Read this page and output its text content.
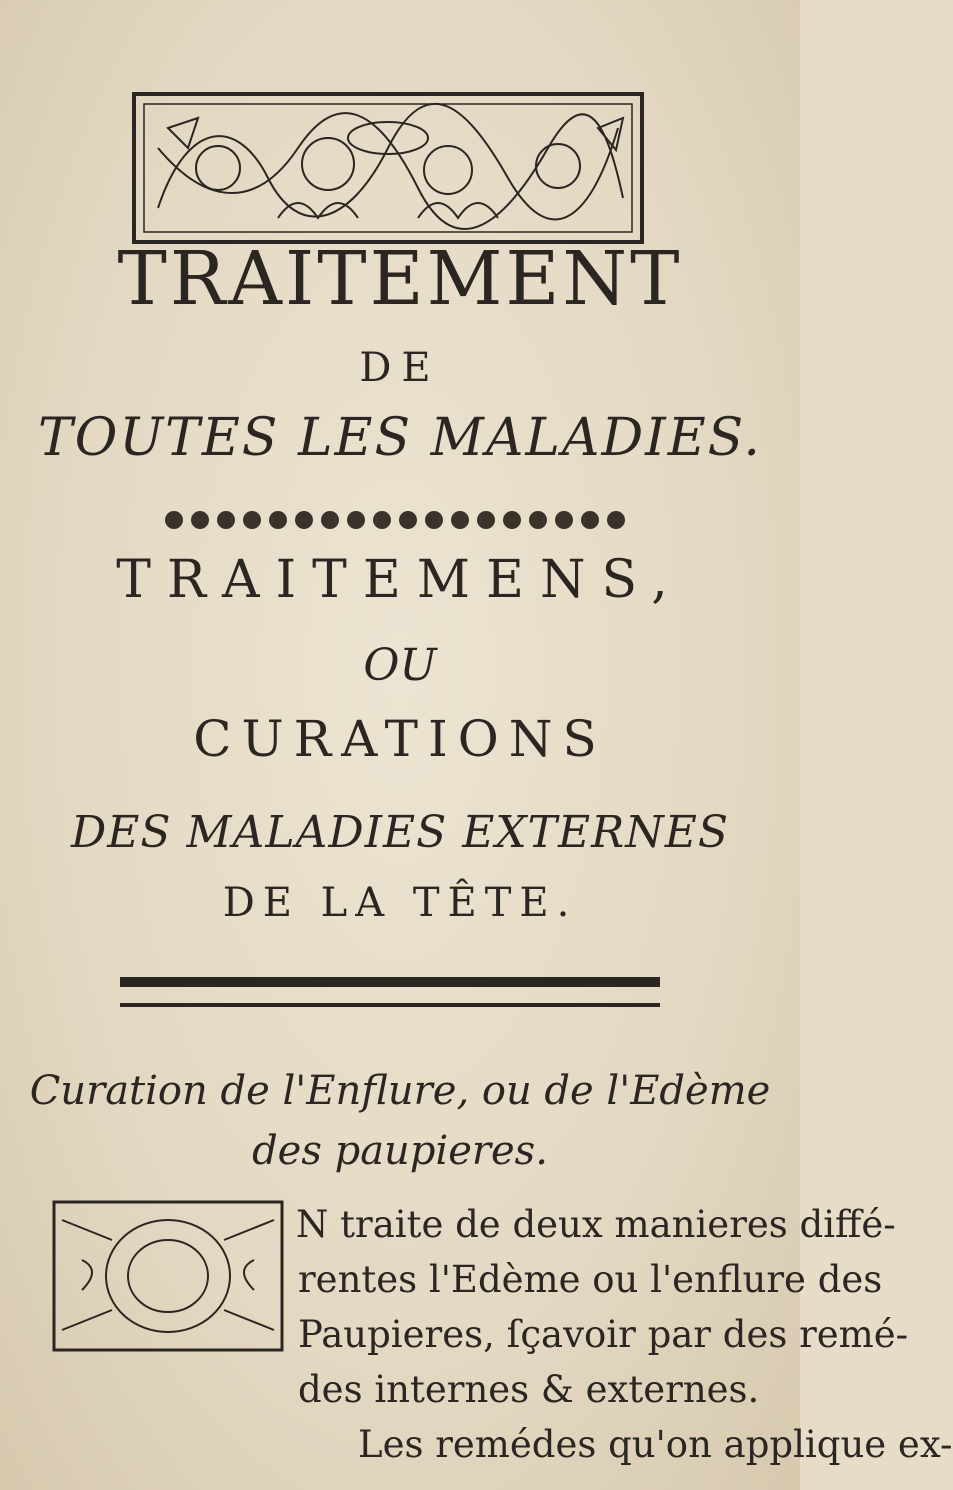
TRAITEMENT
DE
TOUTES LES MALADIES.
TRAITEMENS,
OU
CURATIONS
DES MALADIES EXTERNES
DE LA TÊTE.
Curation de l'Enflure, ou de l'Edème
des paupieres.
N traite de deux manieres diffé-
rentes l'Edème ou l'enflure des
Paupieres, ſçavoir par des remé-
des internes & externes.
Les remédes qu'on applique ex-
